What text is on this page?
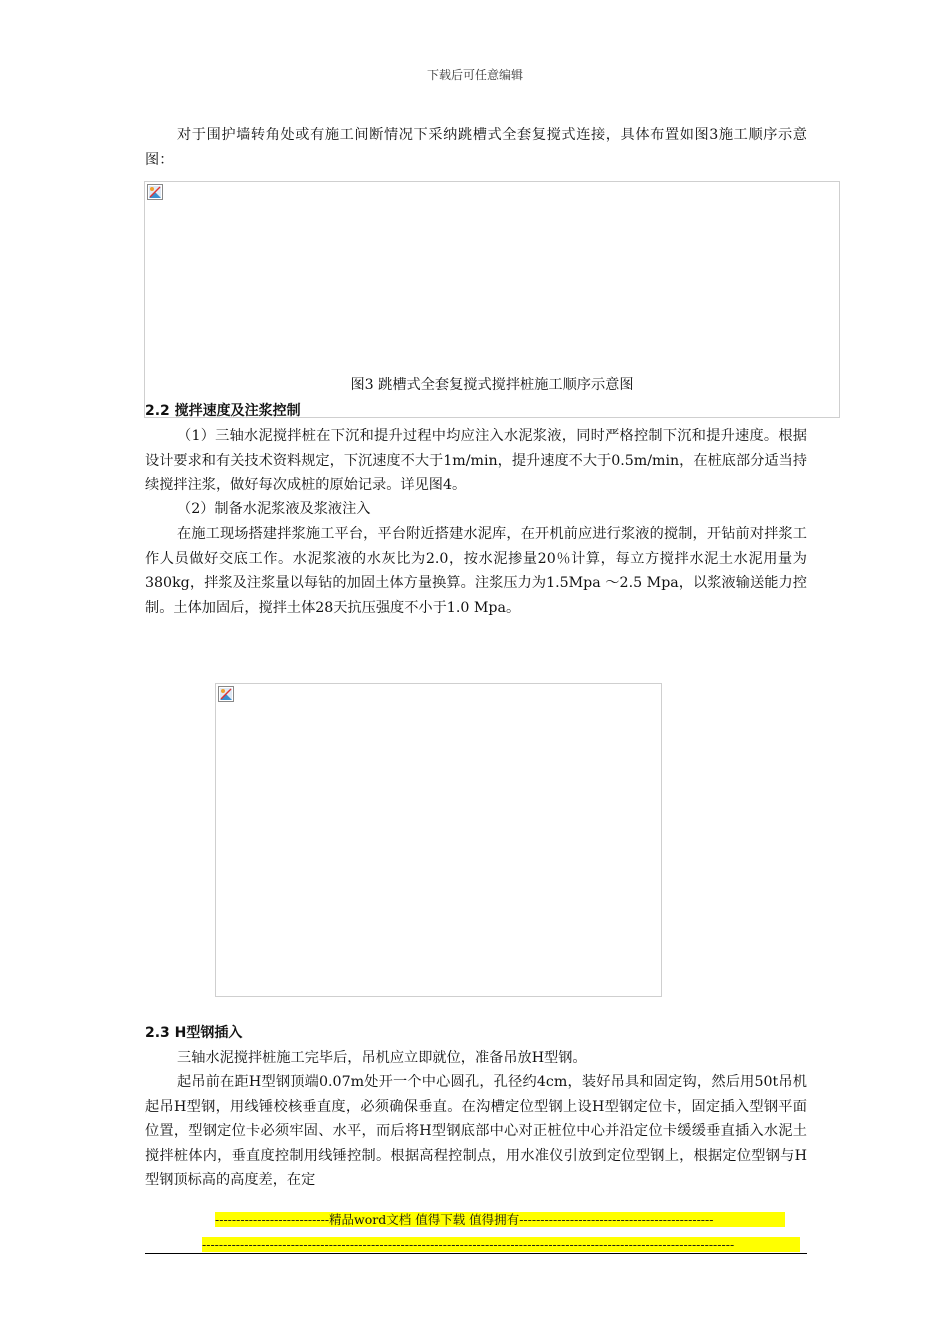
下载后可任意编辑

对于围护墙转角处或有施工间断情况下采纳跳槽式全套复搅式连接，具体布置如图3施工顺序示意图：

图3 跳槽式全套复搅式搅拌桩施工顺序示意图
2.2 搅拌速度及注浆控制

（1）三轴水泥搅拌桩在下沉和提升过程中均应注入水泥浆液，同时严格控制下沉和提升速度。根据设计要求和有关技术资料规定，下沉速度不大于1m/min，提升速度不大于0.5m/min，在桩底部分适当持续搅拌注浆，做好每次成桩的原始记录。详见图4。

（2）制备水泥浆液及浆液注入

在施工现场搭建拌浆施工平台，平台附近搭建水泥库，在开机前应进行浆液的搅制，开钻前对拌浆工作人员做好交底工作。水泥浆液的水灰比为2.0，按水泥掺量20％计算，每立方搅拌水泥土水泥用量为380kg，拌浆及注浆量以每钻的加固土体方量换算。注浆压力为1.5Mpa ～2.5 Mpa，以浆液输送能力控制。土体加固后，搅拌土体28天抗压强度不小于1.0 Mpa。

2.3 H型钢插入

三轴水泥搅拌桩施工完毕后，吊机应立即就位，准备吊放H型钢。

起吊前在距H型钢顶端0.07m处开一个中心圆孔，孔径约4cm，装好吊具和固定钩，然后用50t吊机起吊H型钢，用线锤校核垂直度，必须确保垂直。在沟槽定位型钢上设H型钢定位卡，固定插入型钢平面位置，型钢定位卡必须牢固、水平，而后将H型钢底部中心对正桩位中心并沿定位卡缓缓垂直插入水泥土搅拌桩体内，垂直度控制用线锤控制。根据高程控制点，用水准仪引放到定位型钢上，根据定位型钢与H型钢顶标高的高度差，在定

---------------------------精品word文档 值得下载 值得拥有----------------------------------------------
------------------------------------------------------------------------------------------------------------------------------
